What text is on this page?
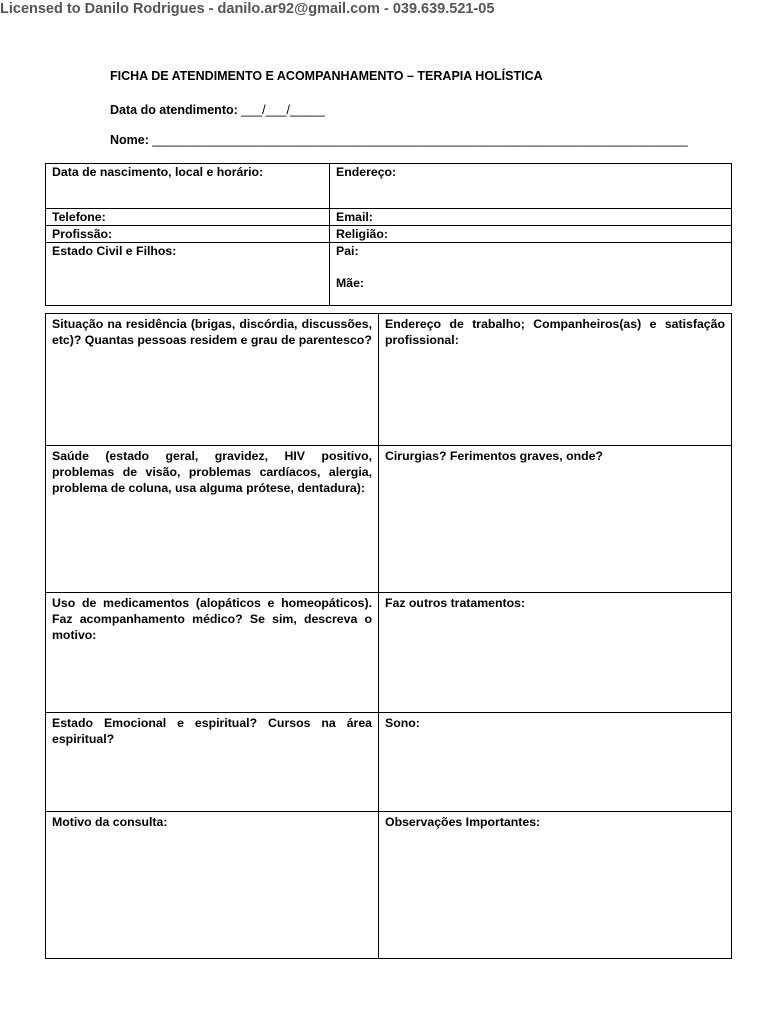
Licensed to Danilo Rodrigues - danilo.ar92@gmail.com - 039.639.521-05
FICHA DE ATENDIMENTO E ACOMPANHAMENTO – TERAPIA HOLÍSTICA
Data do atendimento: ___/___/_____
Nome: _____________________________________________________________________________
Data de nascimento, local e horário:	Endereço:
Telefone:	Email:
Profissão:	Religião:
Estado Civil e Filhos:	Pai:
Mãe:
Situação na residência (brigas, discórdia, discussões, etc)? Quantas pessoas residem e grau de parentesco?	Endereço de trabalho; Companheiros(as) e satisfação profissional:
Saúde (estado geral, gravidez, HIV positivo, problemas de visão, problemas cardíacos, alergia, problema de coluna, usa alguma prótese, dentadura):	Cirurgias? Ferimentos graves, onde?
Uso de medicamentos (alopáticos e homeopáticos). Faz acompanhamento médico? Se sim, descreva o motivo:	Faz outros tratamentos:
Estado Emocional e espiritual? Cursos na área espiritual?	Sono:
Motivo da consulta:	Observações Importantes:
